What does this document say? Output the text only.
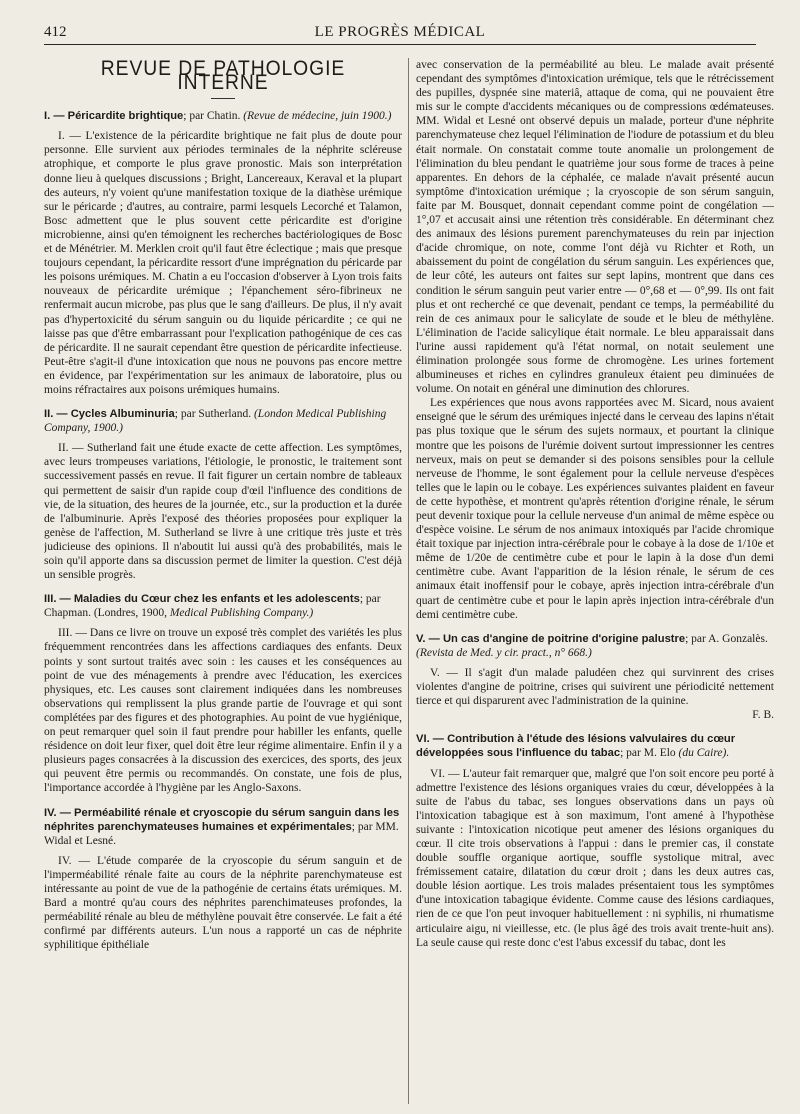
412	LE PROGRÈS MÉDICAL
REVUE DE PATHOLOGIE INTERNE
I. — Péricardite brightique; par Chatin. (Revue de médecine, juin 1900.)

I. — L'existence de la péricardite brightique ne fait plus de doute pour personne. Elle survient aux périodes terminales de la néphrite scléreuse atrophique, et comporte le plus grave pronostic. Mais son interprétation donne lieu à quelques discussions ; Bright, Lancereaux, Keraval et la plupart des auteurs, n'y voient qu'une manifestation toxique de la diathèse urémique sur le péricarde ; d'autres, au contraire, parmi lesquels Lecorché et Talamon, Bosc admettent que le plus souvent cette péricardite est d'origine microbienne, ainsi qu'en témoignent les recherches bactériologiques de Bosc et de Ménétrier. M. Merklen croit qu'il faut être éclectique ; mais que presque toujours cependant, la péricardite ressort d'une imprégnation du péricarde par les poisons urémiques. M. Chatin a eu l'occasion d'observer à Lyon trois faits nouveaux de péricardite urémique ; l'épanchement séro-fibrineux ne renfermait aucun microbe, pas plus que le sang d'ailleurs. De plus, il n'y avait pas d'hypertoxicité du sérum sanguin ou du liquide péricardite ; ce qui ne laisse pas que d'être embarrassant pour l'explication pathogénique de ces cas de péricardite. Il ne saurait cependant être question de péricardite infectieuse. Peut-être s'agit-il d'une intoxication que nous ne pouvons pas encore mettre en évidence, par l'expérimentation sur les animaux de laboratoire, plus ou moins réfractaires aux poisons urémiques humains.

II. — Cycles Albuminuria; par Sutherland. (London Medical Publishing Company, 1900.)

II. — Sutherland fait une étude exacte de cette affection. Les symptômes, avec leurs trompeuses variations, l'étiologie, le pronostic, le traitement sont successivement passés en revue. Il fait figurer un certain nombre de tableaux qui permettent de saisir d'un rapide coup d'œil l'influence des conditions de vie, de la situation, des heures de la journée, etc., sur la production et la durée de l'albuminurie. Après l'exposé des théories proposées pour expliquer la genèse de l'affection, M. Sutherland se livre à une critique très juste et très judicieuse des opinions. Il n'aboutit lui aussi qu'à des probabilités, mais le soin qu'il apporte dans sa discussion permet de limiter la question. C'est déjà un sensible progrès.

III. — Maladies du Cœur chez les enfants et les adolescents; par Chapman. (Londres, 1900, Medical Publishing Company.)

III. — Dans ce livre on trouve un exposé très complet des variétés les plus fréquemment rencontrées dans les affections cardiaques des enfants. Deux points y sont surtout traités avec soin : les causes et les conséquences au point de vue des ménagements à prendre avec l'éducation, les exercices physiques, etc. Les causes sont clairement indiquées dans les nombreuses observations qui remplissent la plus grande partie de l'ouvrage et qui sont complétées par des figures et des photographies. Au point de vue hygiénique, on peut remarquer quel soin il faut prendre pour habiller les enfants, quelle résidence on doit leur fixer, quel doit être leur régime alimentaire. Enfin il y a plusieurs pages consacrées à la discussion des exercices, des sports, des jeux qui peuvent être permis ou recommandés. On constate, une fois de plus, l'importance accordée à l'hygiène par les Anglo-Saxons.

IV. — Perméabilité rénale et cryoscopie du sérum sanguin dans les néphrites parenchymateuses humaines et expérimentales; par MM. Widal et Lesné.

IV. — L'étude comparée de la cryoscopie du sérum sanguin et de l'imperméabilité rénale faite au cours de la néphrite parenchymateuse est intéressante au point de vue de la pathogénie de certains états urémiques. M. Bard a montré qu'au cours des néphrites parenchimateuses profondes, la perméabilité rénale au bleu de méthylène pouvait être conservée. Le fait a été confirmé par différents auteurs. L'un nous a rapporté un cas de néphrite syphilitique épithéliale

avec conservation de la perméabilité au bleu. Le malade avait présenté cependant des symptômes d'intoxication urémique, tels que le rétrécissement des pupilles, dyspnée sine materiâ, attaque de coma, qui ne pouvaient être mis sur le compte d'accidents mécaniques ou de compressions œdémateuses. MM. Widal et Lesné ont observé depuis un malade, porteur d'une néphrite parenchymateuse chez lequel l'élimination de l'iodure de potassium et du bleu était normale. On constatait comme toute anomalie un prolongement de l'élimination du bleu pendant le quatrième jour sous forme de traces à peine apparentes. En dehors de la céphalée, ce malade n'avait présenté aucun symptôme d'intoxication urémique ; la cryoscopie de son sérum sanguin, faite par M. Bousquet, donnait cependant comme point de congélation — 1°,07 et accusait ainsi une rétention très considérable. En déterminant chez des animaux des lésions purement parenchymateuses du rein par injection d'acide chromique, on note, comme l'ont déjà vu Richter et Roth, un abaissement du point de congélation du sérum sanguin. Les expériences que, de leur côté, les auteurs ont faites sur sept lapins, montrent que dans ces condition le sérum sanguin peut varier entre — 0°,68 et — 0°,99. Ils ont fait plus et ont recherché ce que devenait, pendant ce temps, la perméabilité du rein de ces animaux pour le salicylate de soude et le bleu de méthylène. L'élimination de l'acide salicylique était normale. Le bleu apparaissait dans l'urine aussi rapidement qu'à l'état normal, on notait seulement une élimination prolongée sous forme de chromogène. Les urines fortement albumineuses et riches en cylindres granuleux étaient peu diminuées de volume. On notait en général une diminution des chlorures.

Les expériences que nous avons rapportées avec M. Sicard, nous avaient enseigné que le sérum des urémiques injecté dans le cerveau des lapins n'était pas plus toxique que le sérum des sujets normaux, et pourtant la clinique montre que les poisons de l'urémie doivent surtout impressionner les centres nerveux, mais on peut se demander si des poisons sensibles pour la cellule nerveuse de l'homme, le sont également pour la cellule nerveuse d'espèces telles que le lapin ou le cobaye. Les expériences suivantes plaident en faveur de cette hypothèse, et montrent qu'après rétention d'origine rénale, le sérum peut devenir toxique pour la cellule nerveuse d'un animal de même espèce ou d'espèce voisine. Le sérum de nos animaux intoxiqués par l'acide chromique était toxique par injection intra-cérébrale pour le cobaye à la dose de 1/10e et même de 1/20e de centimètre cube et pour le lapin à la dose d'un demi centimètre cube. Avant l'apparition de la lésion rénale, le sérum de ces animaux était inoffensif pour le cobaye, après injection intra-cérébrale d'un quart de centimètre cube et pour le lapin après injection intra-cérébrale d'un demi centimètre cube.

V. — Un cas d'angine de poitrine d'origine palustre; par A. Gonzalès. (Revista de Med. y cir. pract., n° 668.)

V. — Il s'agit d'un malade paludéen chez qui survinrent des crises violentes d'angine de poitrine, crises qui suivirent une périodicité nettement tierce et qui disparurent avec l'administration de la quinine.

F. B.
VI. — Contribution à l'étude des lésions valvulaires du cœur développées sous l'influence du tabac; par M. Elo (du Caire).

VI. — L'auteur fait remarquer que, malgré que l'on soit encore peu porté à admettre l'existence des lésions organiques vraies du cœur, développées à la suite de l'abus du tabac, ses longues observations dans un pays où l'intoxication tabagique est à son maximum, l'ont amené à l'hypothèse suivante : l'intoxication nicotique peut amener des lésions organiques du cœur. Il cite trois observations à l'appui : dans le premier cas, il constate double souffle organique aortique, souffle systolique mitral, avec frémissement cataire, dilatation du cœur droit ; dans les deux autres cas, double lésion aortique. Les trois malades présentaient tous les symptômes d'une intoxication tabagique évidente. Comme cause des lésions cardiaques, rien de ce que l'on peut invoquer habituellement : ni syphilis, ni rhumatisme articulaire aigu, ni vieillesse, etc. (le plus âgé des trois avait trente-huit ans). La seule cause qui reste donc c'est l'abus excessif du tabac, dont les
